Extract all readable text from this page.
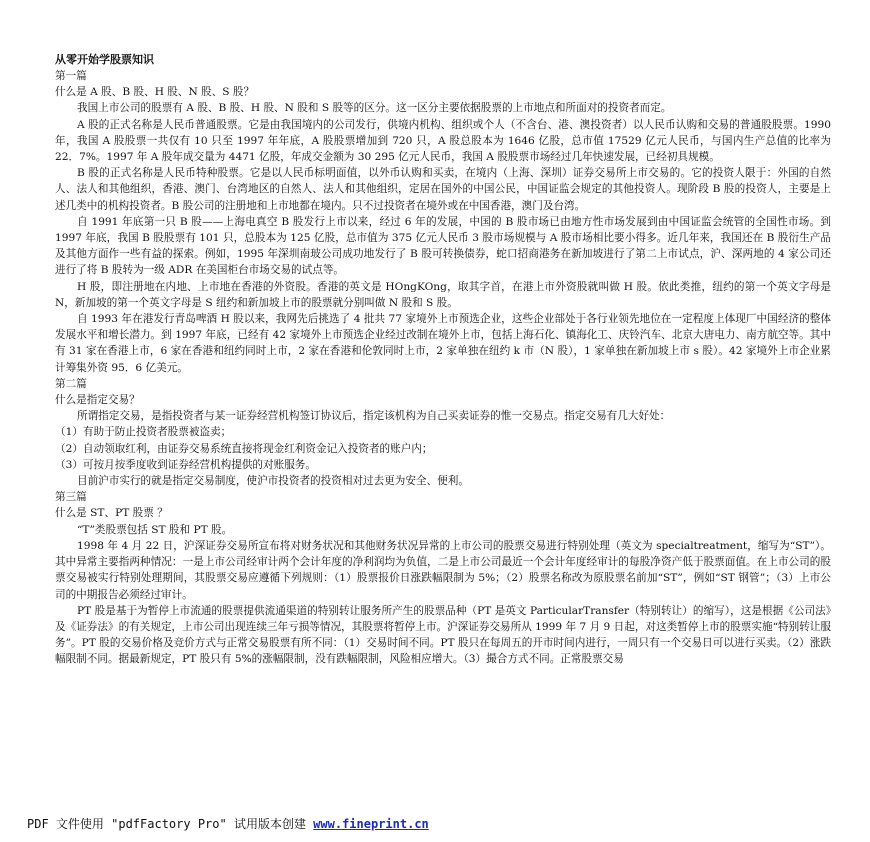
从零开始学股票知识
第一篇
什么是 A 股、B 股、H 股、N 股、S 股？
我国上市公司的股票有 A 股、B 股、H 股、N 股和 S 股等的区分。这一区分主要依据股票的上市地点和所面对的投资者而定。
A 股的正式名称是人民币普通股票。它是由我国境内的公司发行，供境内机构、组织或个人（不含台、港、澳投资者）以人民币认购和交易的普通股股票。1990 年，我国 A 股股票一共仅有 10 只至 1997 年年底，A 股股票增加到 720 只，A 股总股本为 1646 亿股，总市值 17529 亿元人民币，与国内生产总值的比率为 22．7%。1997 年 A 股年成交量为 4471 亿股，年成交金额为 30 295 亿元人民币，我国 A 股股票市场经过几年快速发展，已经初具规模。
B 股的正式名称是人民币特种股票。它是以人民币标明面值，以外币认购和买卖，在境内（上海、深圳）证券交易所上市交易的。它的投资人限于：外国的自然人、法人和其他组织，香港、澳门、台湾地区的自然人、法人和其他组织，定居在国外的中国公民，中国证监会规定的其他投资人。现阶段 B 股的投资人，主要是上述几类中的机构投资者。B 股公司的注册地和上市地都在境内。只不过投资者在境外或在中国香港，澳门及台湾。
自 1991 年底第一只 B 股——上海电真空 B 股发行上市以来，经过 6 年的发展，中国的 B 股市场已由地方性市场发展到由中国证监会统管的全国性市场。到 1997 年底，我国 B 股股票有 101 只，总股本为 125 亿股，总市值为 375 亿元人民币 3 股市场规模与 A 股市场相比要小得多。近几年来，我国还在 B 股衍生产品及其他方面作一些有益的探索。例如，1995 年深圳南玻公司成功地发行了 B 股可转换债券，蛇口招商港务在新加坡进行了第二上市试点，沪、深两地的 4 家公司还进行了将 B 股转为一级 ADR 在美国柜台市场交易的试点等。
H 股，即注册地在内地、上市地在香港的外资股。香港的英文是 HOngKOng，取其字首，在港上市外资股就叫做 H 股。依此类推，纽约的第一个英文字母是 N，新加坡的第一个英文字母是 S 纽约和新加坡上市的股票就分别叫做 N 股和 S 股。
自 1993 年在港发行青岛啤酒 H 股以来，我网先后挑选了 4 批共 77 家境外上市预选企业，这些企业部处于各行业领先地位在一定程度上体现厂中国经济的整体发展水平和增长潜力。到 1997 年底，已经有 42 家境外上市预选企业经过改制在境外上市，包括上海石化、镇海化工、庆铃汽车、北京大唐电力、南方航空等。其中有 31 家在香港上市，6 家在香港和纽约同时上市，2 家在香港和伦敦同时上市，2 家单独在纽约 k 市（N 股），1 家单独在新加坡上市 s 股）。42 家境外上市企业累计筹集外资 95．6 亿美元。
第二篇
什么是指定交易？
所谓指定交易，是指投资者与某一证券经营机构签订协议后，指定该机构为自己买卖证券的惟一交易点。指定交易有几大好处：
（1）有助于防止投资者股票被盗卖；
（2）自动领取红利，由证券交易系统直接将现金红利资金记入投资者的账户内；
（3）可按月按季度收到证券经营机构提供的对账服务。
目前沪市实行的就是指定交易制度，使沪市投资者的投资相对过去更为安全、便利。
第三篇
什么是 ST、PT 股票 ？
“T”类股票包括 ST 股和 PT 股。
1998 年 4 月 22 日，沪深证券交易所宣布将对财务状况和其他财务状况异常的上市公司的股票交易进行特别处理（英文为 specialtreatment，缩写为“ST”）。其中异常主要指两种情况：一是上市公司经审计两个会计年度的净利润均为负值，二是上市公司最近一个会计年度经审计的每股净资产低于股票面值。在上市公司的股票交易被实行特别处理期间，其股票交易应遵循下列规则：（1）股票报价日涨跌幅限制为 5%；（2）股票名称改为原股票名前加“ST”，例如“ST 钢管”；（3）上市公司的中期报告必须经过审计。
PT 股是基于为暂停上市流通的股票提供流通渠道的特别转让服务所产生的股票品种（PT 是英文 ParticularTransfer（特别转让）的缩写），这是根据《公司法》及《证券法》的有关规定，上市公司出现连续三年亏损等情况，其股票将暂停上市。沪深证券交易所从 1999 年 7 月 9 日起，对这类暂停上市的股票实施“特别转让服务”。PT 股的交易价格及竞价方式与正常交易股票有所不同：（1）交易时间不同。PT 股只在每周五的开市时间内进行，一周只有一个交易日可以进行买卖。（2）涨跌幅限制不同。据最新规定，PT 股只有 5%的涨幅限制，没有跌幅限制，风险相应增大。（3）撮合方式不同。正常股票交易
PDF 文件使用 "pdfFactory Pro" 试用版本创建 www.fineprint.cn
